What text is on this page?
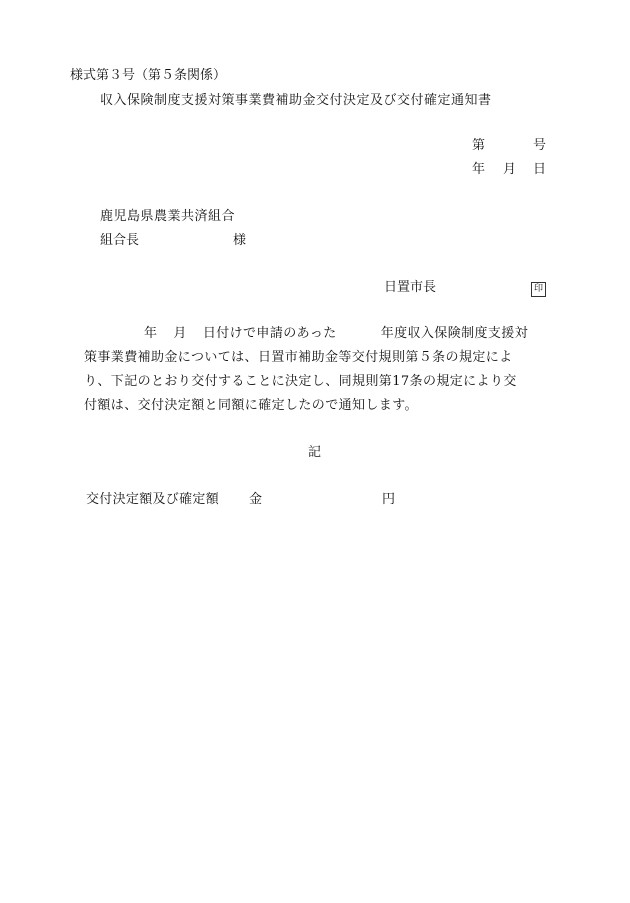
様式第３号（第５条関係）
収入保険制度支援対策事業費補助金交付決定及び交付確定通知書
第	号
年 月 日
鹿児島県農業共済組合
組合長	様
日置市長	印
年 月 日付けで申請のあった	年度収入保険制度支援対
策事業費補助金については、日置市補助金等交付規則第５条の規定によ
り、下記のとおり交付することに決定し、同規則第17条の規定により交
付額は、交付決定額と同額に確定したので通知します。
記
交付決定額及び確定額 金	円
